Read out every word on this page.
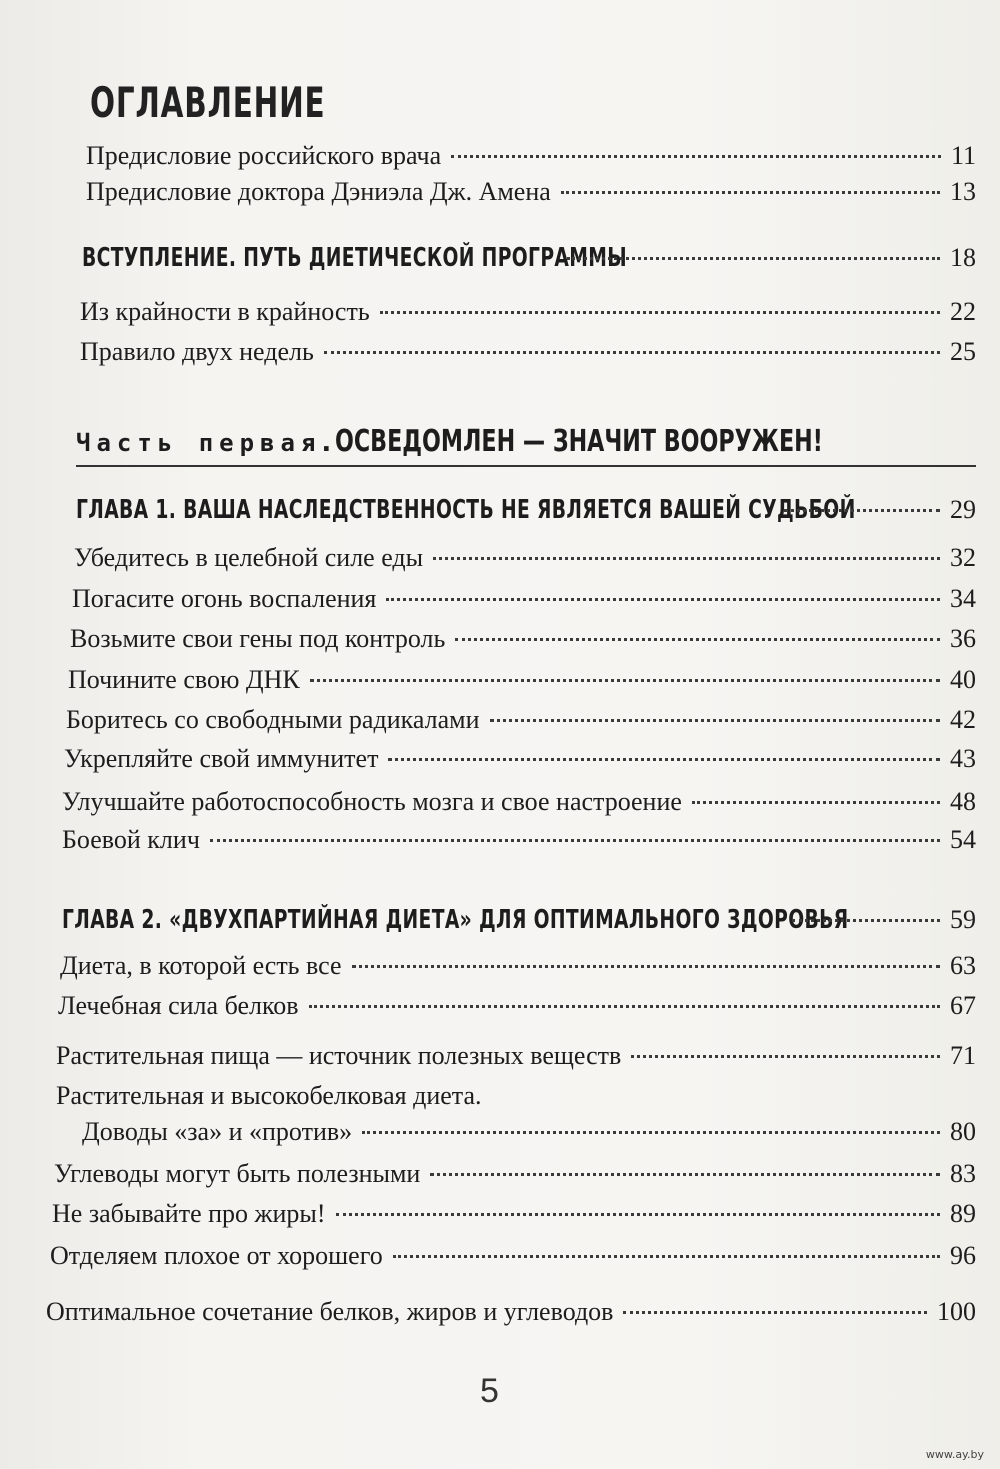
ОГЛАВЛЕНИЕ
Предисловие российского врача	11
Предисловие доктора Дэниэла Дж. Амена	13
ВСТУПЛЕНИЕ. ПУТЬ ДИЕТИЧЕСКОЙ ПРОГРАММЫ	18
Из крайности в крайность	22
Правило двух недель	25
Часть первая. ОСВЕДОМЛЕН — ЗНАЧИТ ВООРУЖЕН!
ГЛАВА 1. ВАША НАСЛЕДСТВЕННОСТЬ НЕ ЯВЛЯЕТСЯ ВАШЕЙ СУДЬБОЙ	29
Убедитесь в целебной силе еды	32
Погасите огонь воспаления	34
Возьмите свои гены под контроль	36
Почините свою ДНК	40
Боритесь со свободными радикалами	42
Укрепляйте свой иммунитет	43
Улучшайте работоспособность мозга и свое настроение	48
Боевой клич	54
ГЛАВА 2. «ДВУХПАРТИЙНАЯ ДИЕТА» ДЛЯ ОПТИМАЛЬНОГО ЗДОРОВЬЯ	59
Диета, в которой есть все	63
Лечебная сила белков	67
Растительная пища — источник полезных веществ	71
Растительная и высокобелковая диета.
Доводы «за» и «против»	80
Углеводы могут быть полезными	83
Не забывайте про жиры!	89
Отделяем плохое от хорошего	96
Оптимальное сочетание белков, жиров и углеводов	100
5
www.ay.by
